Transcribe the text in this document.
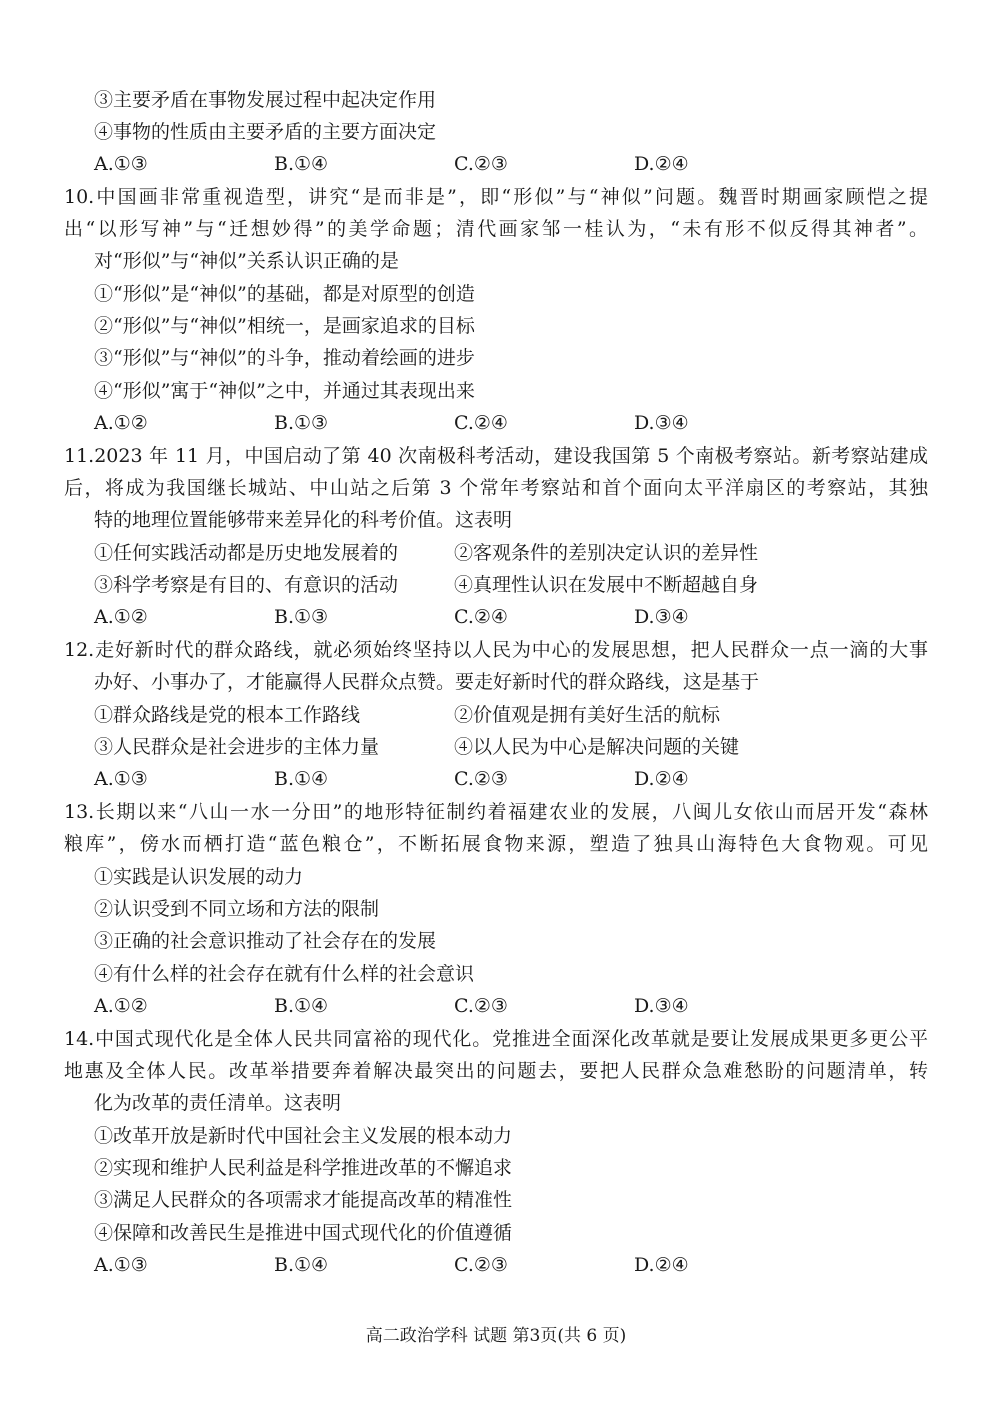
③主要矛盾在事物发展过程中起决定作用
④事物的性质由主要矛盾的主要方面决定
A.①③	B.①④	C.②③	D.②④
10.中国画非常重视造型，讲究“是而非是”，即“形似”与“神似”问题。魏晋时期画家顾恺之提
出“以形写神”与“迁想妙得”的美学命题；清代画家邹一桂认为，“未有形不似反得其神者”。
对“形似”与“神似”关系认识正确的是
①“形似”是“神似”的基础，都是对原型的创造
②“形似”与“神似”相统一，是画家追求的目标
③“形似”与“神似”的斗争，推动着绘画的进步
④“形似”寓于“神似”之中，并通过其表现出来
A.①②	B.①③	C.②④	D.③④
11.2023 年 11 月，中国启动了第 40 次南极科考活动，建设我国第 5 个南极考察站。新考察站建成
后，将成为我国继长城站、中山站之后第 3 个常年考察站和首个面向太平洋扇区的考察站，其独
特的地理位置能够带来差异化的科考价值。这表明
①任何实践活动都是历史地发展着的	②客观条件的差别决定认识的差异性
③科学考察是有目的、有意识的活动	④真理性认识在发展中不断超越自身
A.①②	B.①③	C.②④	D.③④
12.走好新时代的群众路线，就必须始终坚持以人民为中心的发展思想，把人民群众一点一滴的大事
办好、小事办了，才能赢得人民群众点赞。要走好新时代的群众路线，这是基于
①群众路线是党的根本工作路线	②价值观是拥有美好生活的航标
③人民群众是社会进步的主体力量	④以人民为中心是解决问题的关键
A.①③	B.①④	C.②③	D.②④
13.长期以来“八山一水一分田”的地形特征制约着福建农业的发展，八闽儿女依山而居开发“森林
粮库”，傍水而栖打造“蓝色粮仓”，不断拓展食物来源，塑造了独具山海特色大食物观。可见
①实践是认识发展的动力
②认识受到不同立场和方法的限制
③正确的社会意识推动了社会存在的发展
④有什么样的社会存在就有什么样的社会意识
A.①②	B.①④	C.②③	D.③④
14.中国式现代化是全体人民共同富裕的现代化。党推进全面深化改革就是要让发展成果更多更公平
地惠及全体人民。改革举措要奔着解决最突出的问题去，要把人民群众急难愁盼的问题清单，转
化为改革的责任清单。这表明
①改革开放是新时代中国社会主义发展的根本动力
②实现和维护人民利益是科学推进改革的不懈追求
③满足人民群众的各项需求才能提高改革的精准性
④保障和改善民生是推进中国式现代化的价值遵循
A.①③	B.①④	C.②③	D.②④
高二政治学科 试题 第3页(共 6 页)
